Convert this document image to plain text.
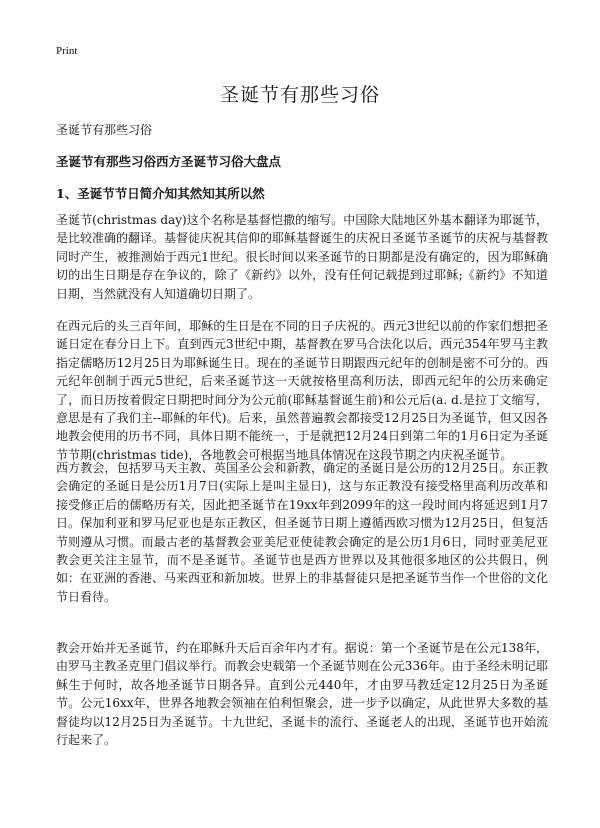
Print
圣诞节有那些习俗
圣诞节有那些习俗
圣诞节有那些习俗西方圣诞节习俗大盘点
1、圣诞节节日简介知其然知其所以然

圣诞节(christmas day)这个名称是基督恺撒的缩写。中国除大陆地区外基本翻译为耶诞节，是比较准确的翻译。基督徒庆祝其信仰的耶稣基督诞生的庆祝日圣诞节圣诞节的庆祝与基督教同时产生，被推测始于西元1世纪。很长时间以来圣诞节的日期都是没有确定的，因为耶稣确切的出生日期是存在争议的，除了《新约》以外，没有任何记载提到过耶稣;《新约》不知道日期，当然就没有人知道确切日期了。

在西元后的头三百年间，耶稣的生日是在不同的日子庆祝的。西元3世纪以前的作家们想把圣诞日定在春分日上下。直到西元3世纪中期，基督教在罗马合法化以后，西元354年罗马主教指定儒略历12月25日为耶稣诞生日。现在的圣诞节日期跟西元纪年的创制是密不可分的。西元纪年创制于西元5世纪，后来圣诞节这一天就按格里高利历法，即西元纪年的公历来确定了，而日历按着假定日期把时间分为公元前(耶稣基督诞生前)和公元后(a. d.是拉丁文缩写，意思是有了我们主--耶稣的年代)。后来，虽然普遍教会都接受12月25日为圣诞节，但又因各地教会使用的历书不同，具体日期不能统一，于是就把12月24日到第二年的1月6日定为圣诞节节期(christmas tide)，各地教会可根据当地具体情况在这段节期之内庆祝圣诞节。

西方教会，包括罗马天主教、英国圣公会和新教，确定的圣诞日是公历的12月25日。东正教会确定的圣诞日是公历1月7日(实际上是叫主显日)，这与东正教没有接受格里高利历改革和接受修正后的儒略历有关，因此把圣诞节在19xx年到2099年的这一段时间内将延迟到1月7日。保加利亚和罗马尼亚也是东正教区，但圣诞节日期上遵循西欧习惯为12月25日，但复活节则遵从习惯。而最古老的基督教会亚美尼亚使徒教会确定的是公历1月6日，同时亚美尼亚教会更关注主显节，而不是圣诞节。圣诞节也是西方世界以及其他很多地区的公共假日，例如：在亚洲的香港、马来西亚和新加坡。世界上的非基督徒只是把圣诞节当作一个世俗的文化节日看待。

教会开始并无圣诞节，约在耶稣升天后百余年内才有。据说：第一个圣诞节是在公元138年，由罗马主教圣克里门倡议举行。而教会史载第一个圣诞节则在公元336年。由于圣经未明记耶稣生于何时，故各地圣诞节日期各异。直到公元440年，才由罗马教廷定12月25日为圣诞节。公元16xx年，世界各地教会领袖在伯利恒聚会，进一步予以确定，从此世界大多数的基督徒均以12月25日为圣诞节。十九世纪，圣诞卡的流行、圣诞老人的出现，圣诞节也开始流行起来了。
